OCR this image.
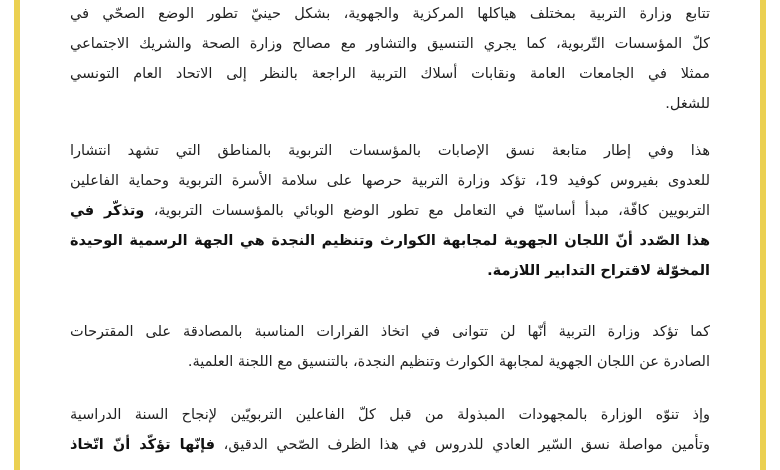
تتابع وزارة التربية بمختلف هياكلها المركزية والجهوية، بشكل حينيّ تطور الوضع الصحّي في
كلّ المؤسسات التّربوية، كما يجري التنسيق والتشاور مع مصالح وزارة الصحة والشريك الاجتماعي
ممثلا في الجامعات العامة ونقابات أسلاك التربية الراجعة بالنظر إلى الاتحاد العام التونسي
للشغل.

هذا وفي إطار متابعة نسق الإصابات بالمؤسسات التربوية بالمناطق التي تشهد انتشارا
للعدوى بفيروس كوفيد 19، تؤكد وزارة التربية حرصها على سلامة الأسرة التربوية وحماية الفاعلين
التربويين كافّة، مبدأ أساسيّا في التعامل مع تطور الوضع الوبائي بالمؤسسات التربوية، وتذكّر في
هذا الصّدد أنّ اللجان الجهوية لمجابهة الكوارث وتنظيم النجدة هي الجهة الرسمية الوحيدة
المخوّلة لاقتراح التدابير اللازمة.

كما تؤكد وزارة التربية أنّها لن تتوانى في اتخاذ القرارات المناسبة بالمصادقة على المقترحات
الصادرة عن اللجان الجهوية لمجابهة الكوارث وتنظيم النجدة، بالتنسيق مع اللجنة العلمية.

وإذ تنوّه الوزارة بالمجهودات المبذولة من قبل كلّ الفاعلين التربويّين لإنجاح السنة الدراسية
وتأمين مواصلة نسق السّير العادي للدروس في هذا الظرف الصّحي الدقيق، فإنّها تؤكّد أنّ اتّخاذ
